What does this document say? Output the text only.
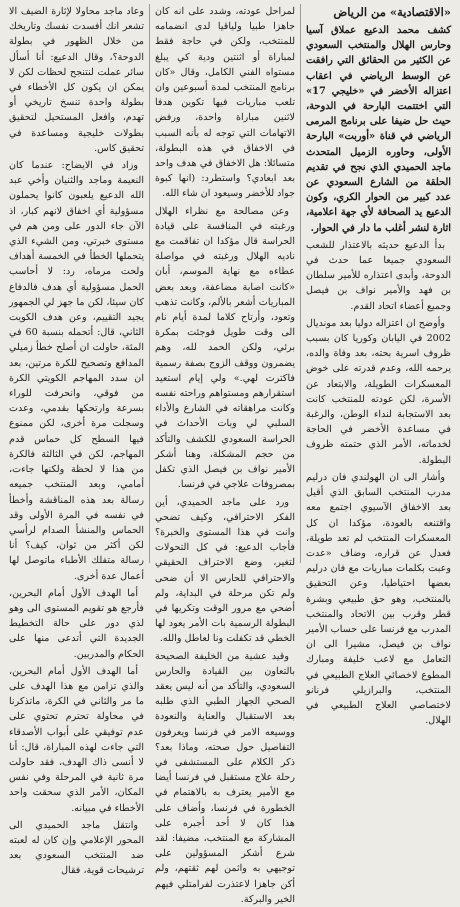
«الاقتصادية» من الرياض

كشف محمد الدعيع عملاق آسيا وحارس الهلال والمنتخب السعودي عن الكثير من الحقائق التي رافقت عن الوسط الرياضي في اعقاب اعتزاله الأخضر في «خليجي 17» التي اختتمت البارحة في الدوحة، حيث حل ضيفا على برنامج المرمى الرياضي في قناة «أوربت» البارحة الأولى، وحاوره الزميل المتحدث ماجد الحميدي الذي نجح في تقديم الحلقة من الشارع السعودي عن عدد كبير من الحوار الكري، وكون الدعيع يد الصحافة لأي جهة اعلامية، اثارة لنشر أغلب ما دار في الحوار.

بدأ الدعيع حديثه بالاعتذار للشعب السعودي جميعا عما حدث في الدوحة، وأبدى اعتذاره للأمير سلطان بن فهد والأمير نواف بن فيصل وجميع أعضاء اتحاد القدم.

وأوضح ان اعتزاله دوليا بعد مونديال 2002 في اليابان وكوريا كان بسبب ظروف اسرية بحته، بعد وفاة والده، يرحمه الله، وعدم قدرته على خوض المعسكرات الطويلة، والابتعاد عن الأسرة، لكن عودته للمنتخب كانت بعد الاستجابة لنداء الوطن، والرغبة في مساعدة الأخضر في الحاجة لخدماته، الأمر الذي حتمته ظروف البطولة.

وأشار الى ان الهولندي فان درليم مدرب المنتخب السابق الذي أقيل بعد الاخفاق الآسيوي اجتمع معه واقتنعه بالعودة، مؤكدا ان كل المعسكرات المنتخب لم تعد طويلة، فعدل عن قراره، وضاف «عدت وعبت بكلمات مباريات مع فان درليم بعضها احتياطيا، وعن التحقيق بالمنتخب، وهو حق طبيعي وبشرة قطر وقرب بين الاتحاد والمنتخب المدرب مع فرنسا على حساب الأمير نواف بن فيصل، مشيرا الى ان التعامل مع لاعب خليفة ومبارك المطوع لاخصائي العلاج الطبيعي في المنتخب، والبرازيلي فرنانو لاختصاصي العلاج الطبيعي في الهلال.

لمراحل عودته، وشدد على انه كان جاهزا طبيا ولياقيا لدى انضمامه للمنتخب، ولكن في حاجة فقط لمباراة أو اثنتين ودية كي يبلغ مستواه الفني الكامل، وقال «كان برنامج المنتخب لمدة أسبوعين وان تلعب مباريات فيها تكوين هدفا لاثنين مباراة واحدة، ورفض الاتهامات التي توجه له بأنه السبب في الاخفاق في هذه البطولة، متسائلا: هل الاخفاق في هدف واحد بعد ابعادي؟ واستطرد: (انها كبوة جواد للأخضر وسيعود ان شاء الله.

وعن مصالحة مع نظراء الهلال ورغبته في المنافسة على قيادة الحراسة قال مؤكدا ان تفاقمت مع ناديه الهلال ورغبته في مواصلة عطاءه مع نهاية الموسم، أبان «كانت اصابة مضاعفة، وبعد بعض المباريات أشعر بالألم، وكانت تذهب وتعود، وأرتاح كلاما لمدة أيام نام الى وقت طويل فوجئت بمكرة برئي، ولكن الحمد لله، وهم يضمرون ووقف الزوج بصفة رسمية فاكترت لهي.» ولي إيام استعيد استقرارهم ومستواهم وراحته نفسه وكانت مراهقاته في الشارع والأداء السلبي لي وبات الأحداث في الحراسة السعودي للكشف والتأكد من حجم المشكلة، وهنا أشكر الأمير نواف بن فيصل الذي تكفل بمصروفات علاجي في فرنسا.

ورد على ماجد الحميدي، أين الفكر الاحترافي، وكيف تضحي وانت في هذا المستوى والخبرة؟ فأجاب الدعيع: في كل التحولات لتغير، وضع الاحتراف الحقيقي والاحترافي للحارس الا أن ضحى ولم تكن مرحلة في البداية، ولم أضحي مع مرور الوقت وتكريها في البطولة الرسمية بات الأمر يعود لها الخطي قد تكفلت ونا لعاطل والله.

وقيد عشية من الخليفة الصحيحة بالتعاون بين القيادة والحارس السعودي، والتأكد من أنه ليس يعقد الصحي الجهاز الطبي الذي طلبه بعد الاستقبال والعناية والنعودة ووسيعه الامر في فرنسا ويعرفون التفاصيل حول صحته، وماذا بعد؟ ذكر الكلام على المستشفى في رحلة علاج مستقبل في فرنسا أيضا مع الأمير يعترف به بالاهتمام في الخطورة في فرنسا، وأضاف على هذا كان لا أحد أجبره على المشاركة مع المنتخب، مضيفا: لقد شرع أشكر المسؤولين على توجيهي به واثمن لهم ثقتهم، ولم أكن جاهزا لاعتذرت لفرامتلي فيهم الخير والبركة.

وعاد ماجد محاولا لإثارة الضيف الا تشعر انك أفسدت نفسك وتاريخك من خلال الظهور في بطولة الدوحة؟، وقال الدعيع: أنا أسأل سائر عملت لنتنجح لحظات لكن لا يمكن ان يكون كل الأخطاء في بطولة واحدة تنسخ تاريخي أو تهدم، وافعل المستحيل لتحقيق بطولات خليجية ومساعدة في تحقيق كاس.

وزاد في الايضاح: عندما كان النعيمة وماجد والثنيان وأخي عبد الله الدعيع يلعبون كانوا يحملون مسؤولية أي اخفاق لانهم كبار، اذ الآن جاء الدور على ومن هم في مستوى خبرتي، ومن الشيء الذي يتحملها الخطأ في الخمسة أهداف ولحت مرماه، رد: لا أحاسب الحمل مسؤولية أي هدف فالدفاع كان سيئا، لكن ما جهز لي الجمهور يجيد التقييم، وعن هدف الكويت الثاني، قال: أتحمله بنسبة 60 في المئة، حاولت ان أصلح خطأ زميلي المدافع وتصحيح للكرة مرتين، بعد ان سدد المهاجم الكويتي الكرة من فوقي، وانحرفت للوراء بسرعة وارتحكها بقدمي، وعدت وسجلت مرة أخرى، لكن ممنوع فيها السطح كل حماس قدم المهاجم، لكن في الثالثة فالكرة من هذا لا لحظة ولكنها جاءت، أمامي، وبعد المنتخب جميعه رسالة بعد هذه المناقشة وأخطأ في نفسه في المرة الأولى وقد الحماس والمنشأ الصدام لرأسي لكن أكثر من ثوان، كيف؟ أنا رسالة متفلك الأطباء ماتوصل لها أعمال عدة أخرى.

أما الهدف الأول أمام البحرين، فأرجع هو تقويم المستوى الى وهو لذي دور على حالة التخطيط الجديدة التي أتدعى منها على الحكام والمدربين.

أما الهدف الأول أمام البحرين، والذي تزامن مع هذا الهدف على ما مر والثاني في الكرة، ماتذكرنا في محاولة تحترم تحتوي على عدم توفيقي على أبواب الأصدقاء التي جاءت لهذه المباراة، قال: أنا لا أنسى ذاك الهدف، فقد حاولت مرة ثانية في المرحلة وفي نفس المكان، الأمر الذي سحقت واحد الأخطاء في مبيانه.

وانتقل ماجد الحميدي الى المحور الإعلامي وإن كان له لعبته ضد المنتخب السعودي بعد ترشيحات قوية، فقال
